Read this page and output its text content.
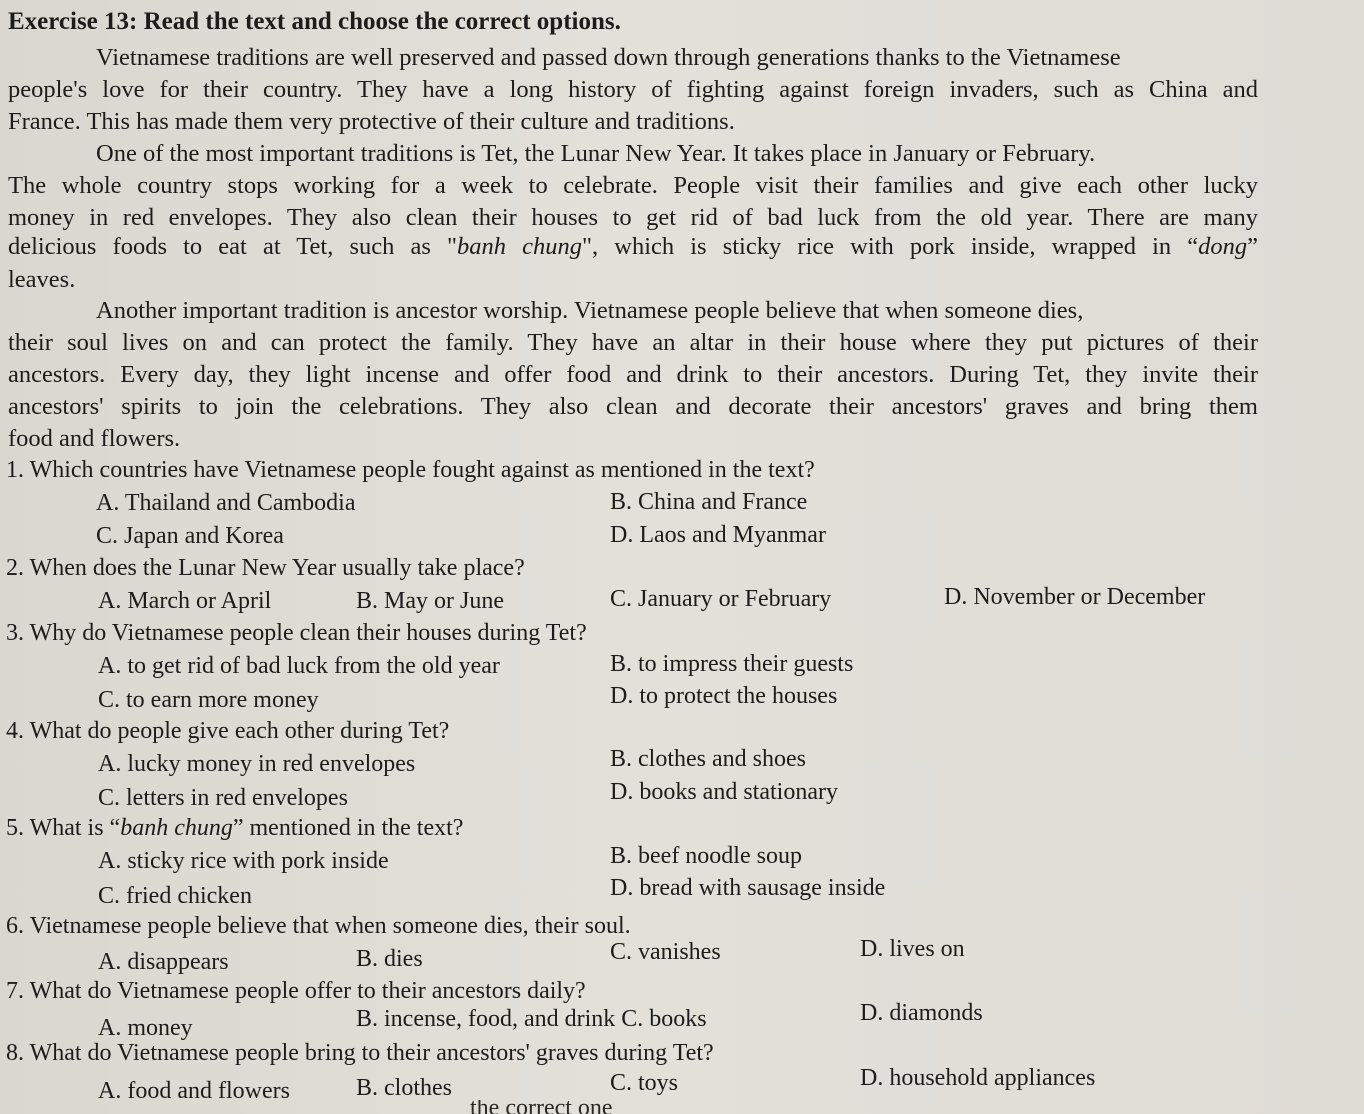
Exercise 13: Read the text and choose the correct options.
Vietnamese traditions are well preserved and passed down through generations thanks to the Vietnamese
people's love for their country. They have a long history of fighting against foreign invaders, such as China and
France. This has made them very protective of their culture and traditions.
One of the most important traditions is Tet, the Lunar New Year. It takes place in January or February.
The whole country stops working for a week to celebrate. People visit their families and give each other lucky
money in red envelopes. They also clean their houses to get rid of bad luck from the old year. There are many
delicious foods to eat at Tet, such as "banh chung", which is sticky rice with pork inside, wrapped in “dong”
leaves.
Another important tradition is ancestor worship. Vietnamese people believe that when someone dies,
their soul lives on and can protect the family. They have an altar in their house where they put pictures of their
ancestors. Every day, they light incense and offer food and drink to their ancestors. During Tet, they invite their
ancestors' spirits to join the celebrations. They also clean and decorate their ancestors' graves and bring them
food and flowers.
1. Which countries have Vietnamese people fought against as mentioned in the text?
A. Thailand and Cambodia	B. China and France
C. Japan and Korea	D. Laos and Myanmar
2. When does the Lunar New Year usually take place?
A. March or April	B. May or June	C. January or February	D. November or December
3. Why do Vietnamese people clean their houses during Tet?
A. to get rid of bad luck from the old year	B. to impress their guests
C. to earn more money	D. to protect the houses
4. What do people give each other during Tet?
A. lucky money in red envelopes	B. clothes and shoes
C. letters in red envelopes	D. books and stationary
5. What is “banh chung” mentioned in the text?
A. sticky rice with pork inside	B. beef noodle soup
C. fried chicken	D. bread with sausage inside
6. Vietnamese people believe that when someone dies, their soul.
A. disappears	B. dies	C. vanishes	D. lives on
7. What do Vietnamese people offer to their ancestors daily?
A. money	B. incense, food, and drink C. books	D. diamonds
8. What do Vietnamese people bring to their ancestors' graves during Tet?
A. food and flowers	B. clothes	C. toys	D. household appliances
the correct one
